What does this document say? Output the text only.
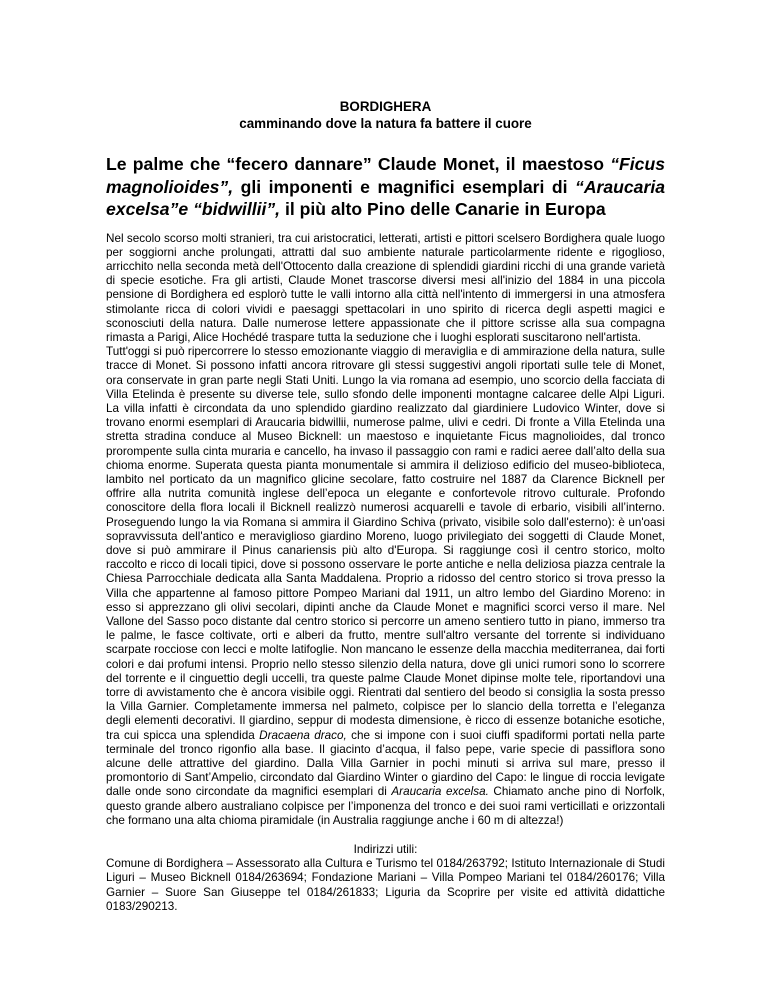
BORDIGHERA
camminando dove la natura fa battere il cuore
Le palme che “fecero dannare” Claude Monet, il maestoso “Ficus magnolioides”, gli imponenti e magnifici esemplari di “Araucaria excelsa”e “bidwillii”, il più alto Pino delle Canarie in Europa

Nel secolo scorso molti stranieri, tra cui aristocratici, letterati, artisti e pittori scelsero Bordighera quale luogo per soggiorni anche prolungati, attratti dal suo ambiente naturale particolarmente ridente e rigoglioso, arricchito nella seconda metà dell'Ottocento dalla creazione di splendidi giardini ricchi di una grande varietà di specie esotiche. Fra gli artisti, Claude Monet trascorse diversi mesi all'inizio del 1884 in una piccola pensione di Bordighera ed esplorò tutte le valli intorno alla città nell'intento di immergersi in una atmosfera stimolante ricca di colori vividi e paesaggi spettacolari in uno spirito di ricerca degli aspetti magici e sconosciuti della natura. Dalle numerose lettere appassionate che il pittore scrisse alla sua compagna rimasta a Parigi, Alice Hochédé traspare tutta la seduzione che i luoghi esplorati suscitarono nell'artista.

Tutt'oggi si può ripercorrere lo stesso emozionante viaggio di meraviglia e di ammirazione della natura, sulle tracce di Monet. Si possono infatti ancora ritrovare gli stessi suggestivi angoli riportati sulle tele di Monet, ora conservate in gran parte negli Stati Uniti. Lungo la via romana ad esempio, uno scorcio della facciata di Villa Etelinda è presente su diverse tele, sullo sfondo delle imponenti montagne calcaree delle Alpi Liguri. La villa infatti è circondata da uno splendido giardino realizzato dal giardiniere Ludovico Winter, dove si trovano enormi esemplari di Araucaria bidwillii, numerose palme, ulivi e cedri. Di fronte a Villa Etelinda una stretta stradina conduce al Museo Bicknell: un maestoso e inquietante Ficus magnolioides, dal tronco prorompente sulla cinta muraria e cancello, ha invaso il passaggio con rami e radici aeree dall’alto della sua chioma enorme. Superata questa pianta monumentale si ammira il delizioso edificio del museo-biblioteca, lambito nel porticato da un magnifico glicine secolare, fatto costruire nel 1887 da Clarence Bicknell per offrire alla nutrita comunità inglese dell’epoca un elegante e confortevole ritrovo culturale. Profondo conoscitore della flora locali il Bicknell realizzò numerosi acquarelli e tavole di erbario, visibili all’interno. Proseguendo lungo la via Romana si ammira il Giardino Schiva (privato, visibile solo dall'esterno): è un'oasi sopravvissuta dell'antico e meraviglioso giardino Moreno, luogo privilegiato dei soggetti di Claude Monet, dove si può ammirare il Pinus canariensis più alto d'Europa. Si raggiunge così il centro storico, molto raccolto e ricco di locali tipici, dove si possono osservare le porte antiche e nella deliziosa piazza centrale la Chiesa Parrocchiale dedicata alla Santa Maddalena. Proprio a ridosso del centro storico si trova presso la Villa che appartenne al famoso pittore Pompeo Mariani dal 1911, un altro lembo del Giardino Moreno: in esso si apprezzano gli olivi secolari, dipinti anche da Claude Monet e magnifici scorci verso il mare. Nel Vallone del Sasso poco distante dal centro storico si percorre un ameno sentiero tutto in piano, immerso tra le palme, le fasce coltivate, orti e alberi da frutto, mentre sull'altro versante del torrente si individuano scarpate rocciose con lecci e molte latifoglie. Non mancano le essenze della macchia mediterranea, dai forti colori e dai profumi intensi. Proprio nello stesso silenzio della natura, dove gli unici rumori sono lo scorrere del torrente e il cinguettio degli uccelli, tra queste palme Claude Monet dipinse molte tele, riportandovi una torre di avvistamento che è ancora visibile oggi. Rientrati dal sentiero del beodo si consiglia la sosta presso la Villa Garnier. Completamente immersa nel palmeto, colpisce per lo slancio della torretta e l’eleganza degli elementi decorativi. Il giardino, seppur di modesta dimensione, è ricco di essenze botaniche esotiche, tra cui spicca una splendida Dracaena draco, che si impone con i suoi ciuffi spadiformi portati nella parte terminale del tronco rigonfio alla base. Il giacinto d’acqua, il falso pepe, varie specie di passiflora sono alcune delle attrattive del giardino. Dalla Villa Garnier in pochi minuti si arriva sul mare, presso il promontorio di Sant’Ampelio, circondato dal Giardino Winter o giardino del Capo: le lingue di roccia levigate dalle onde sono circondate da magnifici esemplari di Araucaria excelsa. Chiamato anche pino di Norfolk, questo grande albero australiano colpisce per l’imponenza del tronco e dei suoi rami verticillati e orizzontali che formano una alta chioma piramidale (in Australia raggiunge anche i 60 m di altezza!)

Indirizzi utili:
Comune di Bordighera – Assessorato alla Cultura e Turismo tel 0184/263792; Istituto Internazionale di Studi Liguri – Museo Bicknell 0184/263694; Fondazione Mariani – Villa Pompeo Mariani tel 0184/260176; Villa Garnier – Suore San Giuseppe tel 0184/261833; Liguria da Scoprire per visite ed attività didattiche 0183/290213.
